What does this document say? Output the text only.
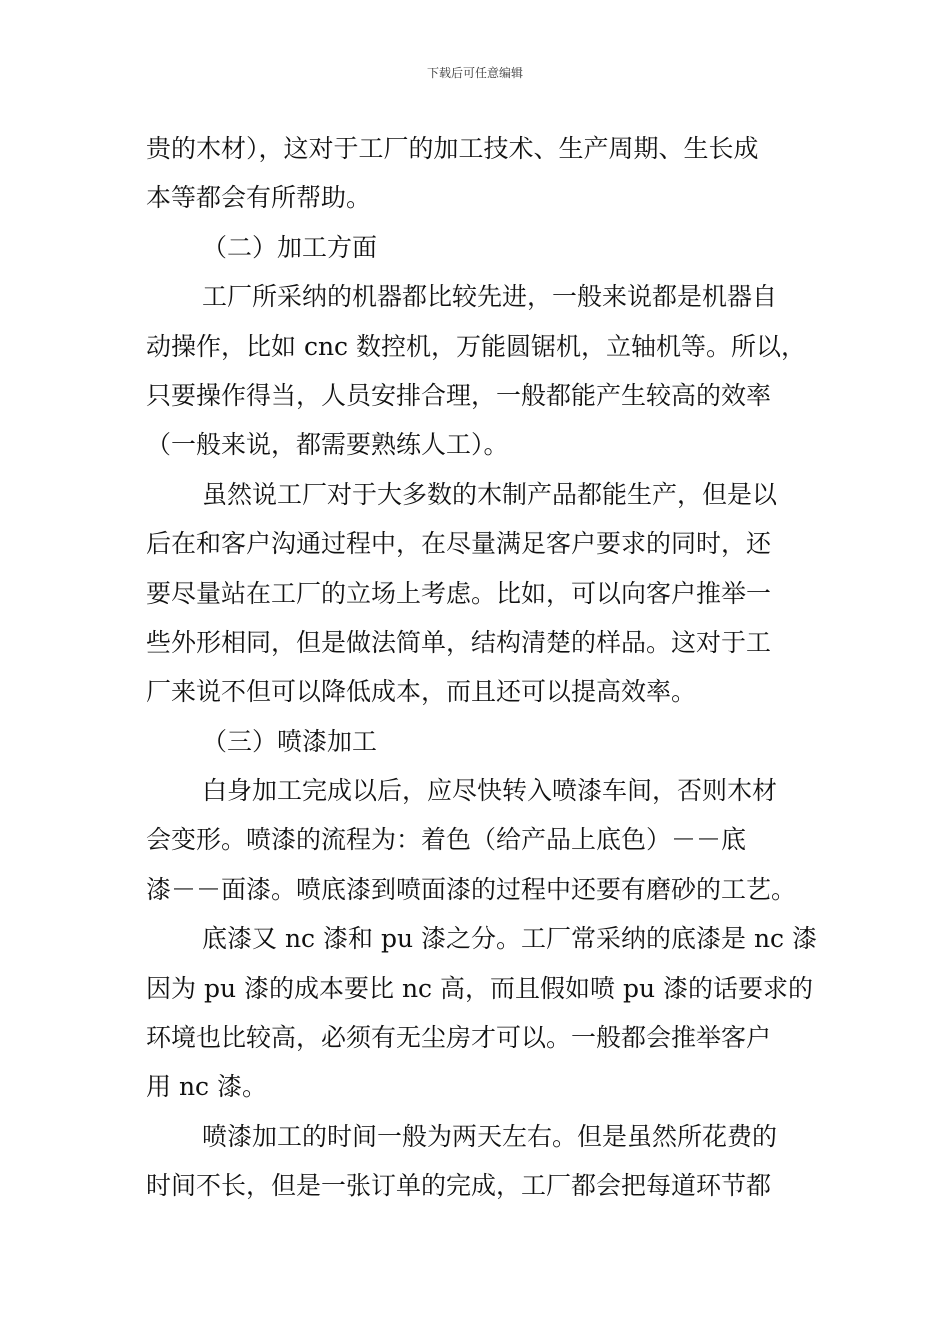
下载后可任意编辑
贵的木材），这对于工厂的加工技术、生产周期、生长成
本等都会有所帮助。
（二）加工方面
工厂所采纳的机器都比较先进，一般来说都是机器自
动操作，比如 cnc 数控机，万能圆锯机，立轴机等。所以，
只要操作得当，人员安排合理，一般都能产生较高的效率
（一般来说，都需要熟练人工）。
虽然说工厂对于大多数的木制产品都能生产，但是以
后在和客户沟通过程中，在尽量满足客户要求的同时，还
要尽量站在工厂的立场上考虑。比如，可以向客户推举一
些外形相同，但是做法简单，结构清楚的样品。这对于工
厂来说不但可以降低成本，而且还可以提高效率。
（三）喷漆加工
白身加工完成以后，应尽快转入喷漆车间，否则木材
会变形。喷漆的流程为：着色（给产品上底色）－－底
漆－－面漆。喷底漆到喷面漆的过程中还要有磨砂的工艺。
底漆又 nc 漆和 pu 漆之分。工厂常采纳的底漆是 nc 漆
因为 pu 漆的成本要比 nc 高，而且假如喷 pu 漆的话要求的
环境也比较高，必须有无尘房才可以。一般都会推举客户
用 nc 漆。
喷漆加工的时间一般为两天左右。但是虽然所花费的
时间不长，但是一张订单的完成，工厂都会把每道环节都
